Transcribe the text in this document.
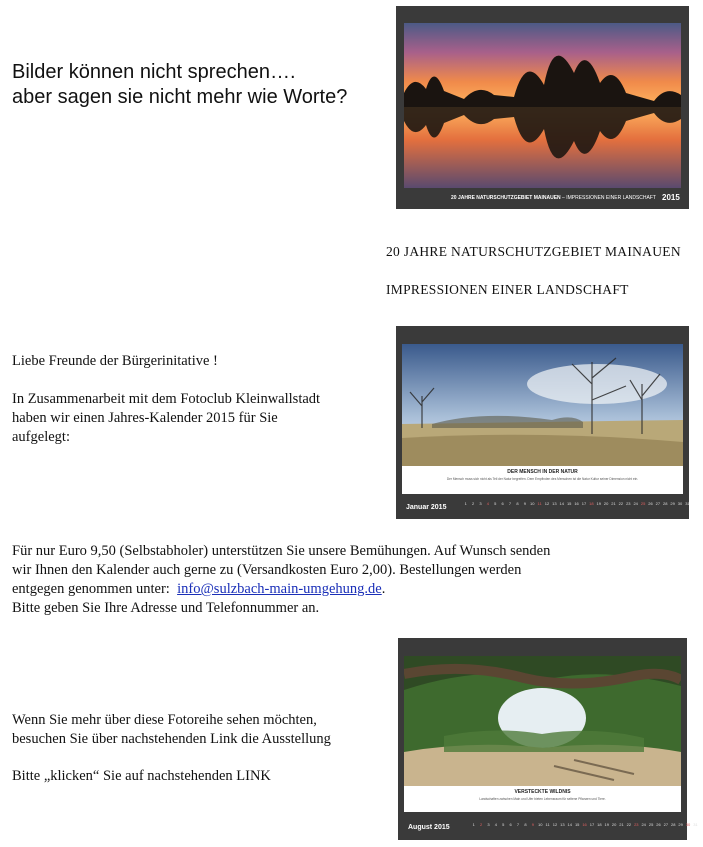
Bilder können nicht sprechen….
aber sagen sie nicht mehr wie Worte?
20 JAHRE NATURSCHUTZGEBIET MAINAUEN – IMPRESSIONEN EINER LANDSCHAFT 2015
20 JAHRE NATURSCHUTZGEBIET MAINAUEN
IMPRESSIONEN EINER LANDSCHAFT
Liebe Freunde der Bürgerinitative !
In Zusammenarbeit mit dem Fotoclub Kleinwallstadt
haben wir einen Jahres-Kalender 2015 für Sie
aufgelegt:
DER MENSCH IN DER NATUR
Der Mensch muss sich nicht als Teil der Natur begreifen. Dem Empfinden des Menschen ist die Natur Kultur seiner Dimension nicht ein.
Januar 2015
1	2	3	4	5	6	7	8	9	10 11 12 13 14 15 16 17 18 19 20 21 22 23 24 25 26 27 28 29 30 31
Für nur Euro 9,50 (Selbstabholer) unterstützen Sie unsere Bemühungen. Auf Wunsch senden
wir Ihnen den Kalender auch gerne zu (Versandkosten Euro 2,00). Bestellungen werden
entgegen genommen unter:  info@sulzbach-main-umgehung.de.
Bitte geben Sie Ihre Adresse und Telefonnummer an.
Wenn Sie mehr über diese Fotoreihe sehen möchten,
besuchen Sie über nachstehenden Link die Ausstellung
Bitte „klicken“ Sie auf nachstehenden LINK
VERSTECKTE WILDNIS
Landschaften zwischen Main und Ufer bieten Lebensraum für seltene Pflanzen und Tiere.
August 2015	1	2	3	4	5	6	7	8	9	10 11 12 13 14 15 16 17 18 19 20 21 22 23 24 25 26 27 28 29 30 31
